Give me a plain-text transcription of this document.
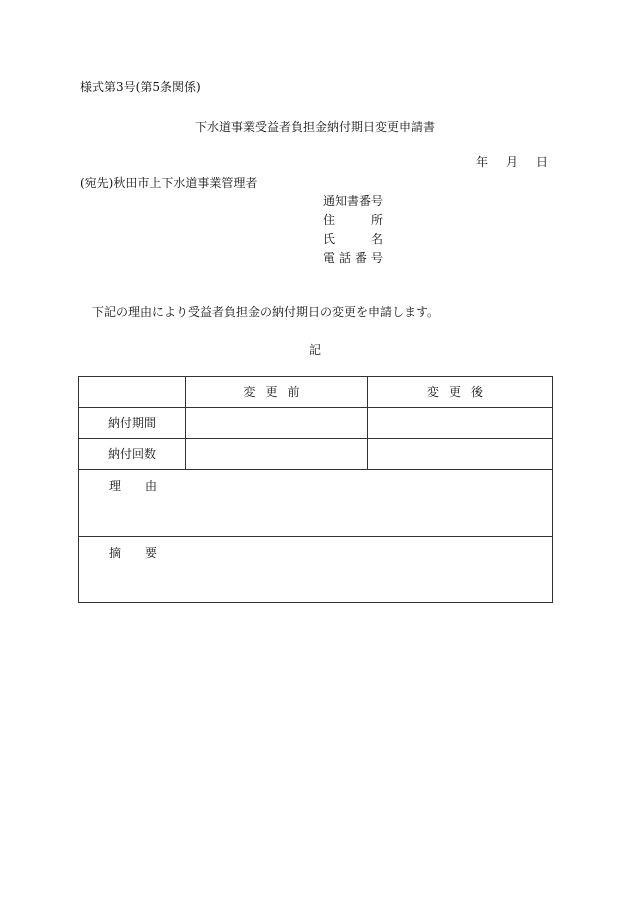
様式第3号(第5条関係)
下水道事業受益者負担金納付期日変更申請書
年 月 日
(宛先)秋田市上下水道事業管理者
通知書番号
住所
氏名
電話番号
下記の理由により受益者負担金の納付期日の変更を申請します。
記
	変更前	変更後
納付期間		
納付回数		
理由		
摘要		
